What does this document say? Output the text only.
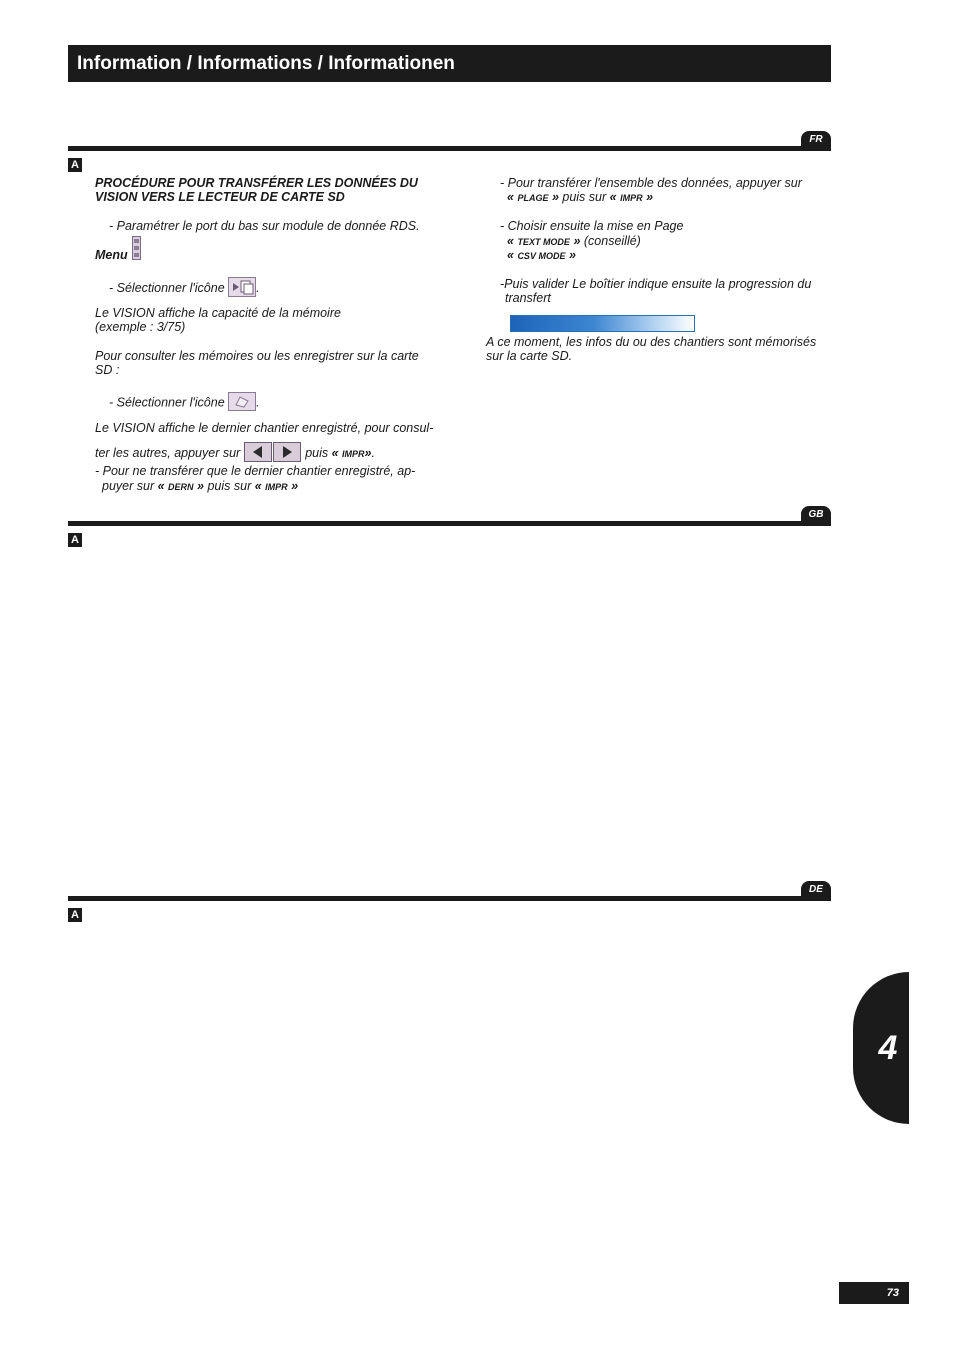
Information / Informations / Informationen
FR
A
PROCÉDURE POUR TRANSFÉRER LES DONNÉES DU
VISION VERS LE LECTEUR DE CARTE SD
- Paramétrer le port du bas sur module de donnée RDS.
Menu
- Sélectionner l'icône	.
Le VISION affiche la capacité de la mémoire
(exemple : 3/75)
Pour consulter les mémoires ou les enregistrer sur la carte
SD :
- Sélectionner l'icône	.
Le VISION affiche le dernier chantier enregistré, pour consul-
ter les autres, appuyer sur	puis « IMPR».
- Pour ne transférer que le dernier chantier enregistré, ap-
puyer sur « DERN » puis sur « IMPR »
- Pour transférer l'ensemble des données, appuyer sur
« PLAGE » puis sur « IMPR »
- Choisir ensuite la mise en Page
« TEXT MODE » (conseillé)
« CSV MODE »
-Puis valider Le boîtier indique ensuite la progression du
transfert
A ce moment, les infos du ou des chantiers sont mémorisés
sur la carte SD.
GB
A
DE
A
4
73
